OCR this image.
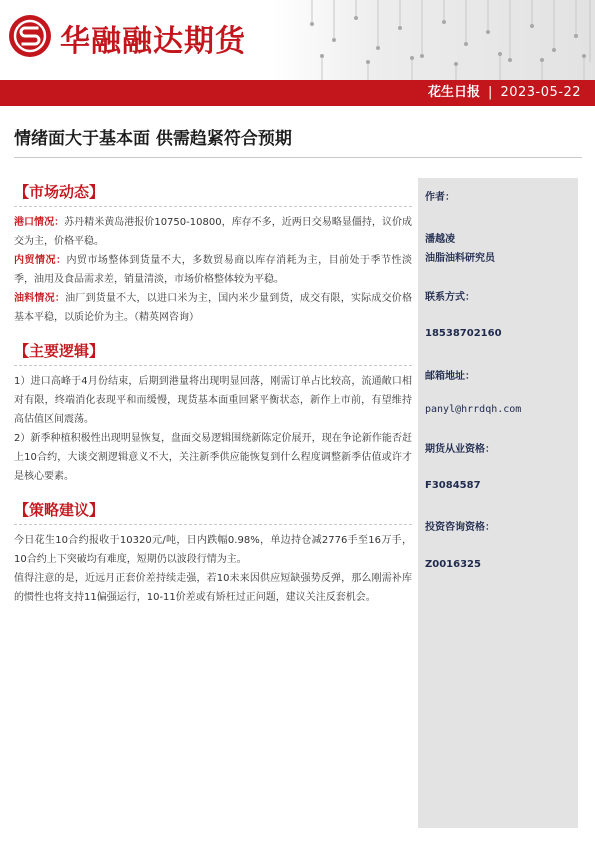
华融融达期货
花生日报 | 2023-05-22
情绪面大于基本面 供需趋紧符合预期
【市场动态】

港口情况：苏丹精米黄岛港报价10750-10800，库存不多，近两日交易略显僵持，议价成交为主，价格平稳。

内贸情况：内贸市场整体到货量不大，多数贸易商以库存消耗为主，目前处于季节性淡季，油用及食品需求差，销量清淡，市场价格整体较为平稳。

油料情况：油厂到货量不大，以进口米为主，国内米少量到货，成交有限，实际成交价格基本平稳，以质论价为主。（精英网咨询）

【主要逻辑】

1）进口高峰于4月份结束，后期到港量将出现明显回落，刚需订单占比较高，流通敞口相对有限，终端消化表现平和而缓慢，现货基本面重回紧平衡状态，新作上市前，有望维持高估值区间震荡。

2）新季种植积极性出现明显恢复，盘面交易逻辑围绕新陈定价展开，现在争论新作能否赶上10合约，大谈交割逻辑意义不大，关注新季供应能恢复到什么程度调整新季估值或许才是核心要素。

【策略建议】

今日花生10合约报收于10320元/吨，日内跌幅0.98%，单边持仓减2776手至16万手，10合约上下突破均有难度，短期仍以波段行情为主。

值得注意的是，近远月正套价差持续走强，若10未来因供应短缺强势反弹，那么刚需补库的惯性也将支持11偏强运行，10-11价差或有矫枉过正问题，建议关注反套机会。

作者：
潘越凌
油脂油料研究员
联系方式：
18538702160
邮箱地址：
panyl@hrrdqh.com
期货从业资格：
F3084587
投资咨询资格：
Z0016325
